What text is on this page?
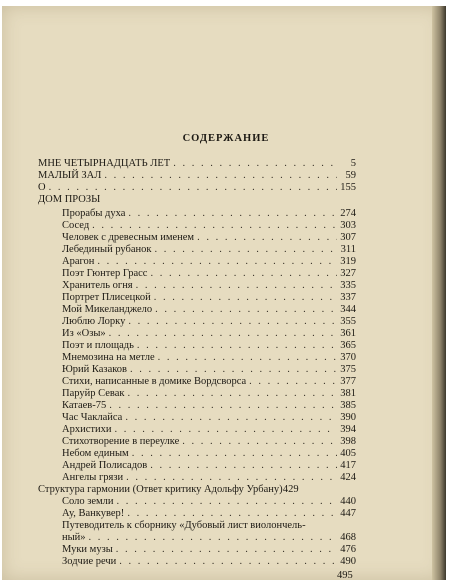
СОДЕРЖАНИЕ
МНЕ ЧЕТЫРНАДЦАТЬ ЛЕТ . . .	5
МАЛЫЙ ЗАЛ . . .	59
О . . .	155
ДОМ ПРОЗЫ
Прорабы духа . . .	274
Сосед . . .	303
Человек с древесным именем . . .	307
Лебединый рубанок . . .	311
Арагон . . .	319
Поэт Гюнтер Грасс . . .	327
Хранитель огня . . .	335
Портрет Плисецкой . . .	337
Мой Микеланджело . . .	344
Люблю Лорку . . .	355
Из «Озы» . . .	361
Поэт и площадь . . .	365
Мнемозина на метле . . .	370
Юрий Казаков . . .	375
Стихи, написанные в домике Вордсворса . . .	377
Паруйр Севак . . .	381
Катаев-75 . . .	385
Час Чаклайса . . .	390
Архистихи . . .	394
Стихотворение в переулке . . .	398
Небом единым . . .	405
Андрей Полисадов . . .	417
Ангелы грязи . . .	424
Структура гармонии (Ответ критику Адольфу Урбану) 429
Соло земли . . .	440
Ау, Ванкувер! . . .	447
Путеводитель к сборнику «Дубовый лист виолончель-
ный» . . .	468
Муки музы . . .	476
Зодчие речи . . .	490
495
